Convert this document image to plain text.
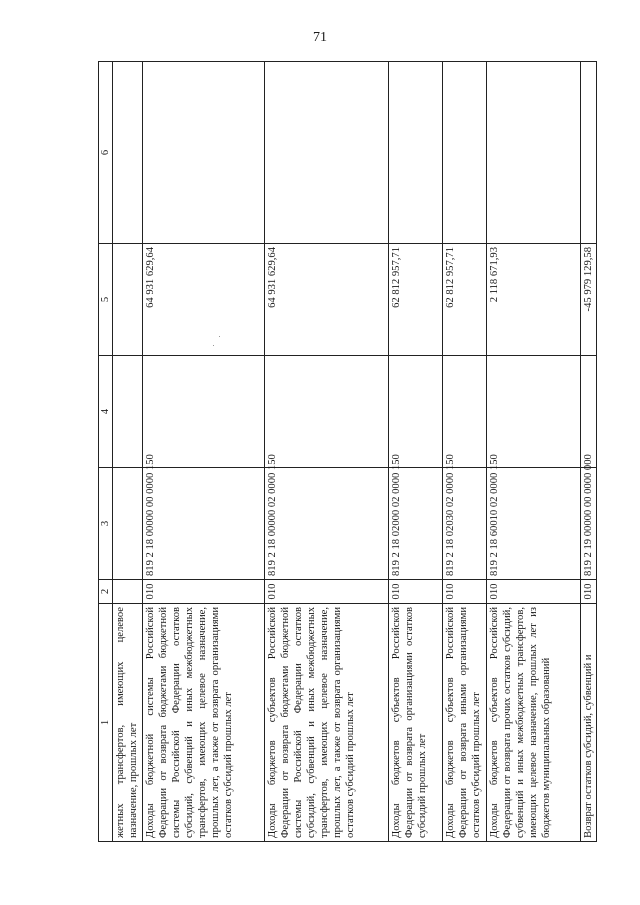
71
1	2	3	4	5	6
жетных трансфертов, имеющих целевое назначение, прошлых лет					
Доходы бюджетной системы Российской Федерации от возврата бюджетами бюджетной системы Российской Федерации остатков субсидий, субвенций и иных межбюджетных трансфертов, имеющих целевое назначение, прошлых лет, а также от возврата организациями остатков субсидий прошлых лет	010	819 2 18 00000 00 0000 150		64 931 629,64	
Доходы бюджетов субъектов Российской Федерации от возврата бюджетами бюджетной системы Российской Федерации остатков субсидий, субвенций и иных межбюджетных трансфертов, имеющих целевое назначение, прошлых лет, а также от возврата организациями остатков субсидий прошлых лет	010	819 2 18 00000 02 0000 150		64 931 629,64	
Доходы бюджетов субъектов Российской Федерации от возврата организациями остатков субсидий прошлых лет	010	819 2 18 02000 02 0000 150		62 812 957,71	
Доходы бюджетов субъектов Российской Федерации от возврата иными организациями остатков субсидий прошлых лет	010	819 2 18 02030 02 0000 150		62 812 957,71	
Доходы бюджетов субъектов Российской Федерации от возврата прочих остатков субсидий, субвенций и иных межбюджетных трансфертов, имеющих целевое назначение, прошлых лет из бюджетов муниципальных образований	010	819 2 18 60010 02 0000 150		2 118 671,93	
Возврат остатков субсидий, субвенций и	010	819 2 19 00000 00 0000 000		-45 979 129,58	
